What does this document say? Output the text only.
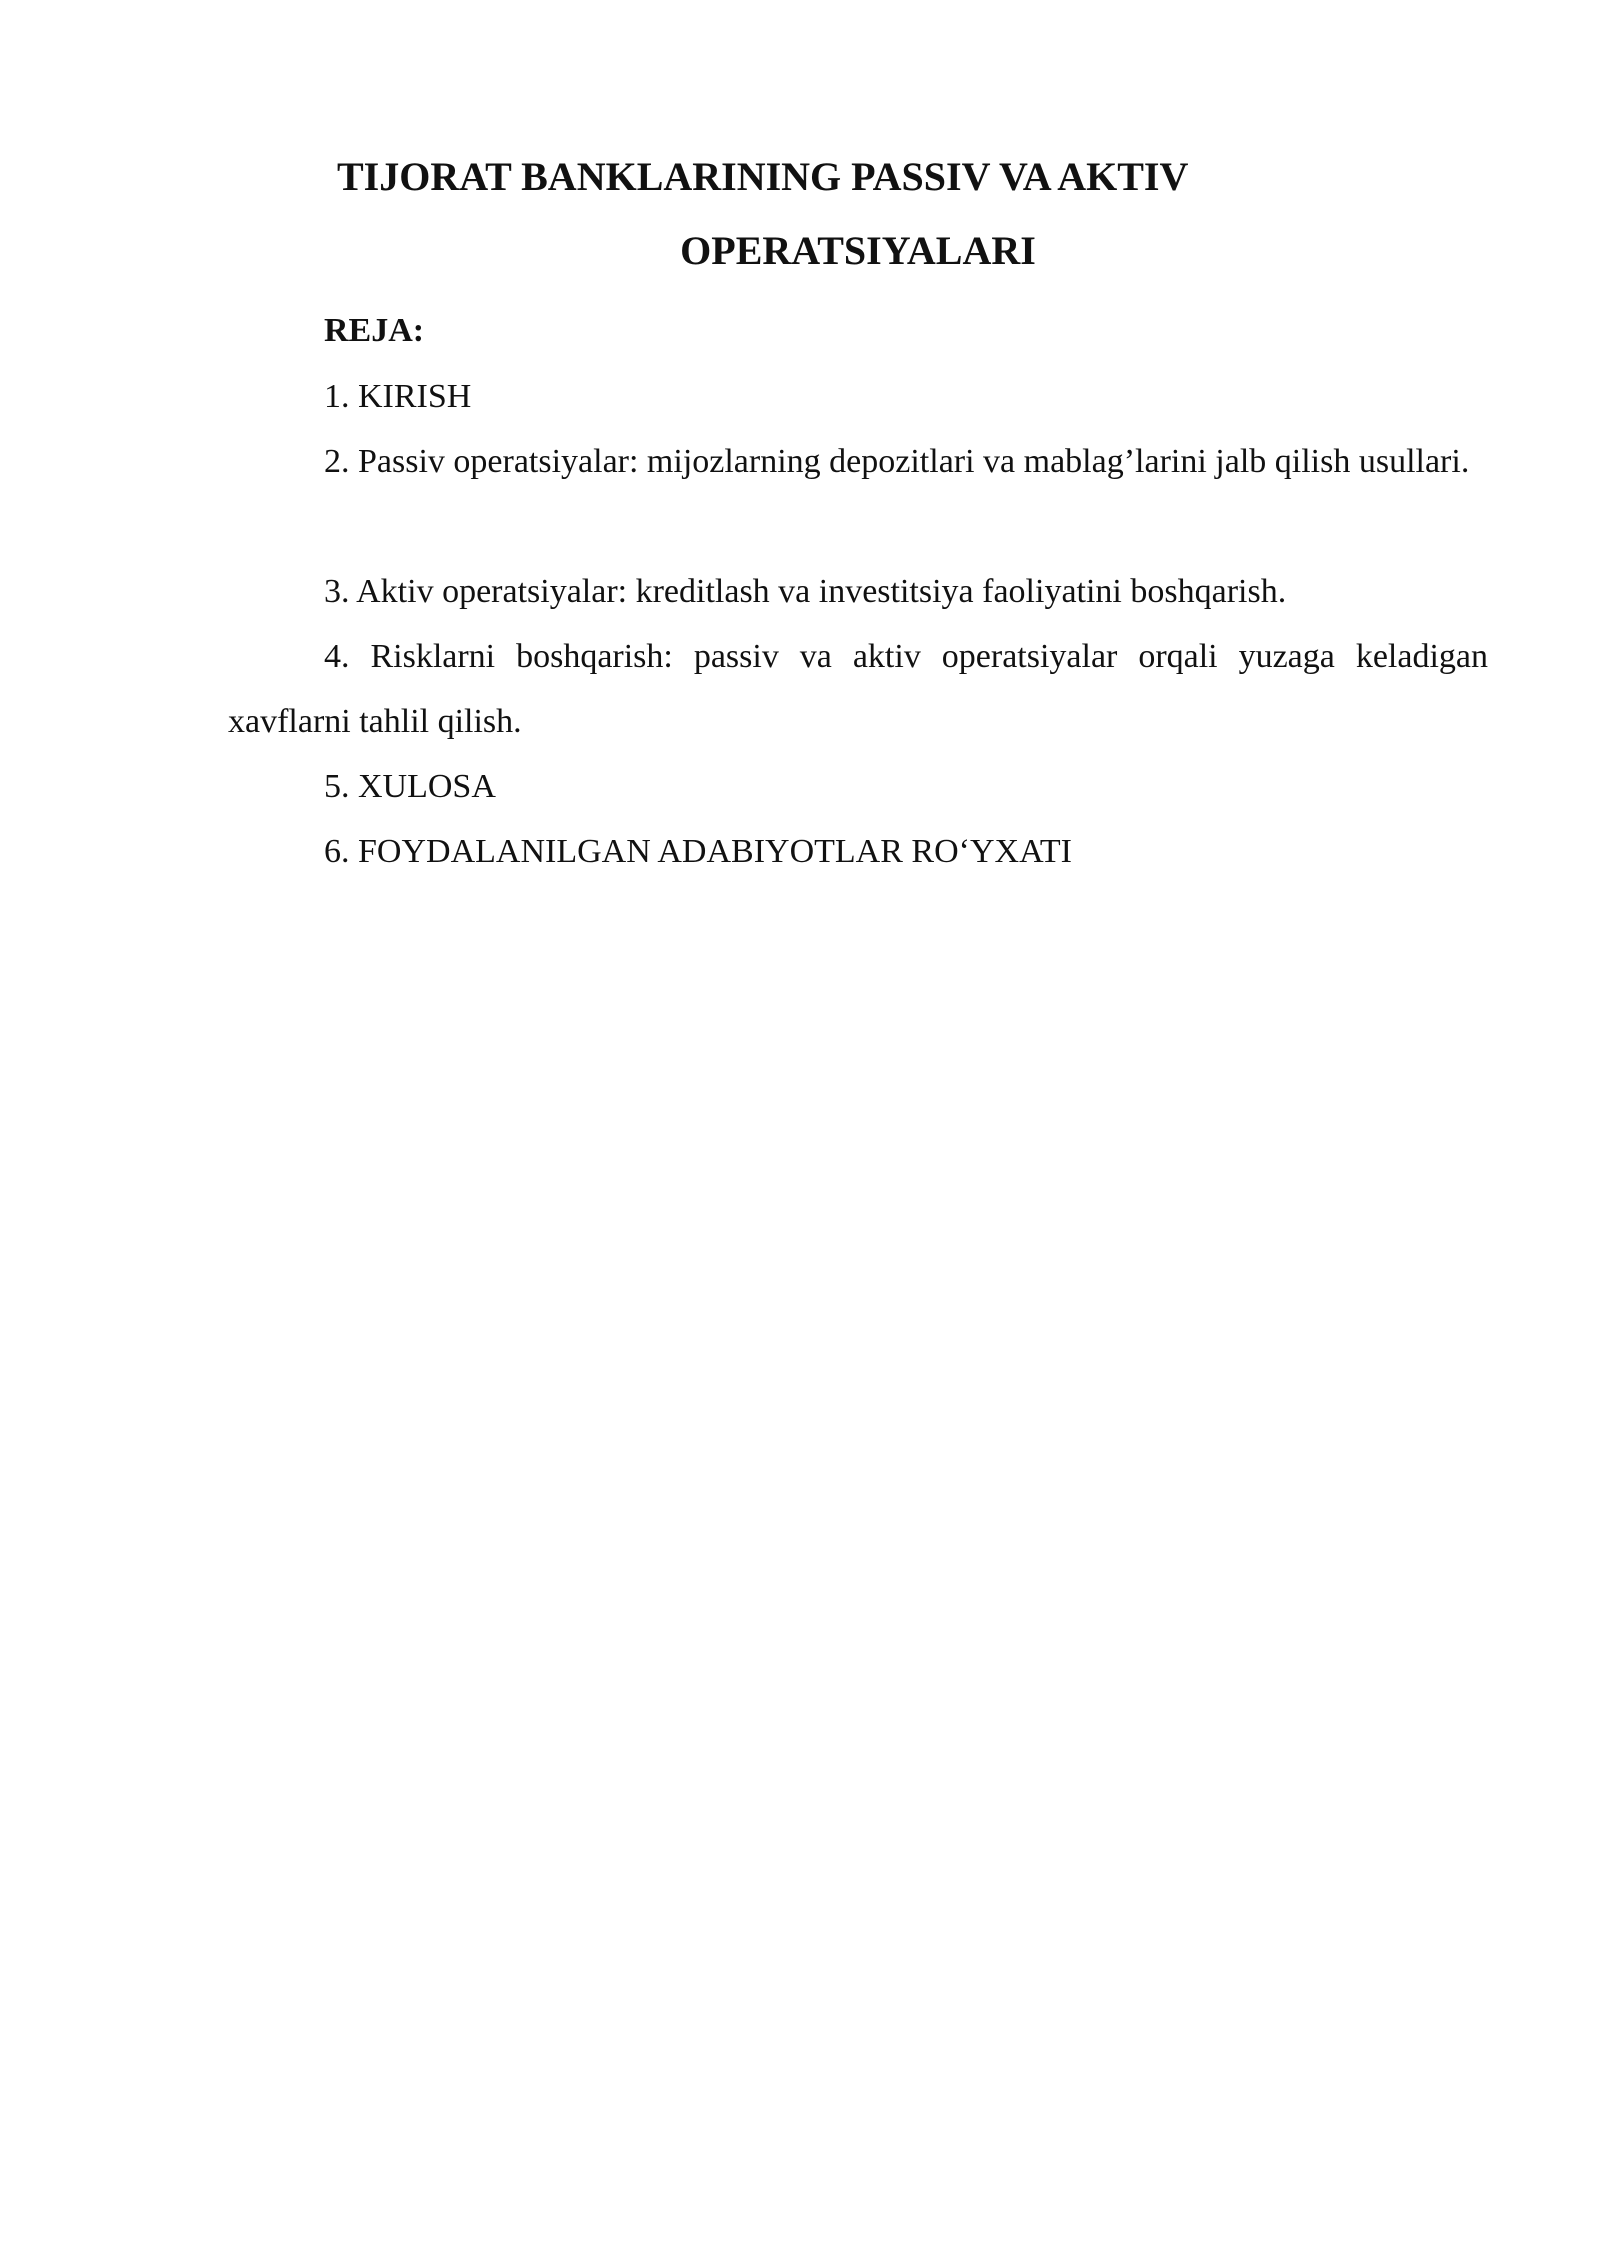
TIJORAT BANKLARINING PASSIV VA AKTIV
OPERATSIYALARI

REJA:

1. KIRISH

2. Passiv operatsiyalar: mijozlarning depozitlari va mablag’larini jalb qilish usullari.

3. Aktiv operatsiyalar: kreditlash va investitsiya faoliyatini boshqarish.

4. Risklarni boshqarish: passiv va aktiv operatsiyalar orqali yuzaga keladigan xavflarni tahlil qilish.

5. XULOSA

6. FOYDALANILGAN ADABIYOTLAR RO‘YXATI
